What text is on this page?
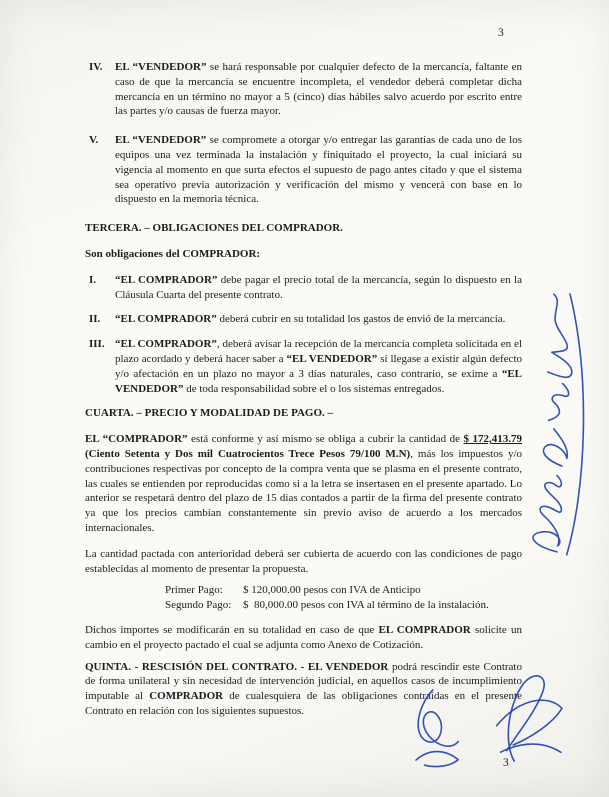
3
IV.	EL “VENDEDOR” se hará responsable por cualquier defecto de la mercancía, faltante en caso de que la mercancía se encuentre incompleta, el vendedor deberá completar dicha mercancía en un término no mayor a 5 (cinco) días hábiles salvo acuerdo por escrito entre las partes y/o causas de fuerza mayor.
V.	EL “VENDEDOR” se compromete a otorgar y/o entregar las garantías de cada uno de los equipos una vez terminada la instalación y finiquitado el proyecto, la cual iniciará su vigencia al momento en que surta efectos el supuesto de pago antes citado y que el sistema sea operativo previa autorización y verificación del mismo y vencerá con base en lo dispuesto en la memoria técnica.
TERCERA. – OBLIGACIONES DEL COMPRADOR.
Son obligaciones del COMPRADOR:
I.	“EL COMPRADOR” debe pagar el precio total de la mercancía, según lo dispuesto en la Cláusula Cuarta del presente contrato.
II.	“EL COMPRADOR” deberá cubrir en su totalidad los gastos de envió de la mercancía.
III. “EL COMPRADOR”, deberá avisar la recepción de la mercancía completa solicitada en el plazo acordado y deberá hacer saber a “EL VENDEDOR” si llegase a existir algún defecto y/o afectación en un plazo no mayor a 3 días naturales, caso contrario, se exime a “EL VENDEDOR” de toda responsabilidad sobre el o los sistemas entregados.
CUARTA. – PRECIO Y MODALIDAD DE PAGO. –
EL “COMPRADOR” está conforme y así mismo se obliga a cubrir la cantidad de $ 172,413.79 (Ciento Setenta y Dos mil Cuatrocientos Trece Pesos 79/100 M.N), más los impuestos y/o contribuciones respectivas por concepto de la compra venta que se plasma en el presente contrato, las cuales se entienden por reproducidas como si a la letra se insertasen en el presente apartado. Lo anterior se respetará dentro del plazo de 15 días contados a partir de la firma del presente contrato ya que los precios cambian constantemente sin previo aviso de acuerdo a los mercados internacionales.
La cantidad pactada con anterioridad deberá ser cubierta de acuerdo con las condiciones de pago establecidas al momento de presentar la propuesta.
Primer Pago:	$ 120,000.00 pesos con IVA de Anticipo
Segundo Pago:	$  80,000.00 pesos con IVA al término de la instalación.
Dichos importes se modificarán en su totalidad en caso de que EL COMPRADOR solicite un cambio en el proyecto pactado el cual se adjunta como Anexo de Cotización.
QUINTA. - RESCISIÓN DEL CONTRATO. - EL VENDEDOR podrá rescindir este Contrato de forma unilateral y sin necesidad de intervención judicial, en aquellos casos de incumplimiento imputable al COMPRADOR de cualesquiera de las obligaciones contraídas en el presente Contrato en relación con los siguientes supuestos.
3
